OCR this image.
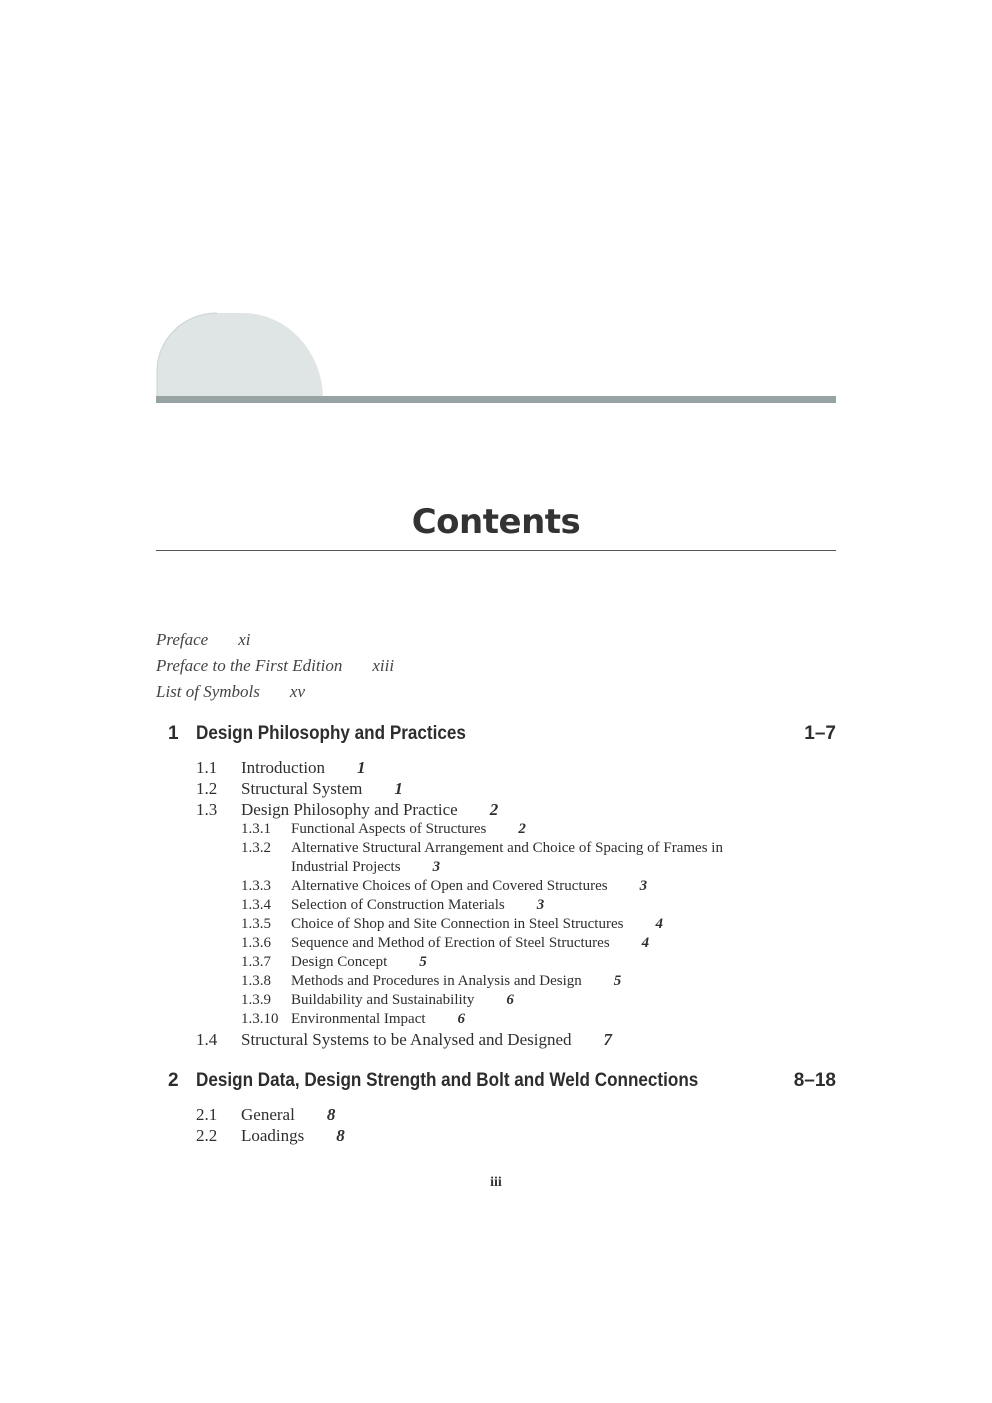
Contents
Preface xi
Preface to the First Edition xiii
List of Symbols xv
1 Design Philosophy and Practices	1–7
1.1 Introduction 1
1.2 Structural System 1
1.3 Design Philosophy and Practice 2
1.3.1 Functional Aspects of Structures 2
1.3.2 Alternative Structural Arrangement and Choice of Spacing of Frames in
Industrial Projects 3
1.3.3 Alternative Choices of Open and Covered Structures 3
1.3.4 Selection of Construction Materials 3
1.3.5 Choice of Shop and Site Connection in Steel Structures 4
1.3.6 Sequence and Method of Erection of Steel Structures 4
1.3.7 Design Concept 5
1.3.8 Methods and Procedures in Analysis and Design 5
1.3.9 Buildability and Sustainability 6
1.3.10 Environmental Impact 6
1.4 Structural Systems to be Analysed and Designed 7
2 Design Data, Design Strength and Bolt and Weld Connections	8–18
2.1 General 8
2.2 Loadings 8
iii
